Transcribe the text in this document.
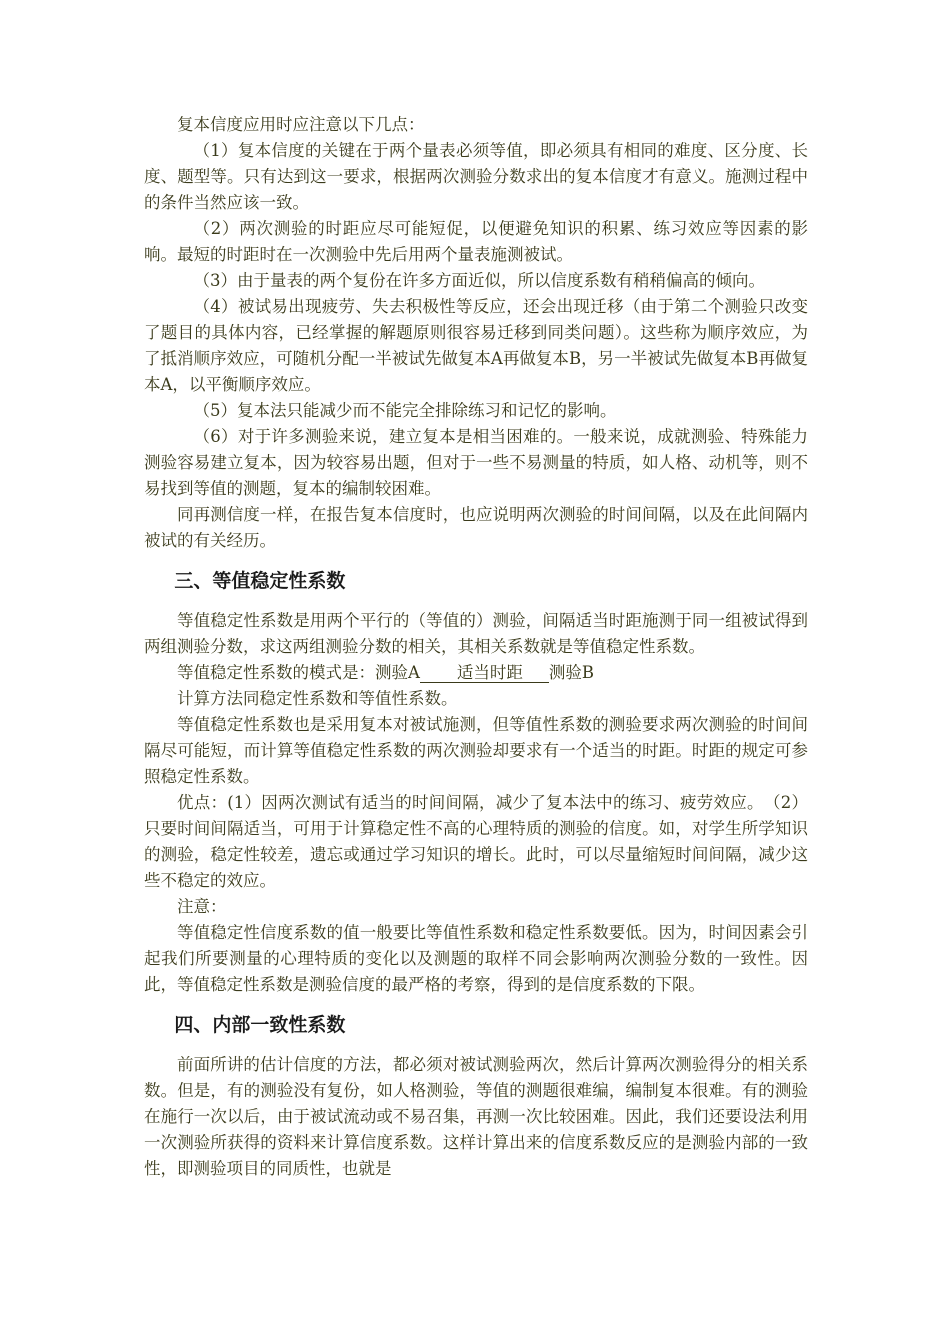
复本信度应用时应注意以下几点：

（1）复本信度的关键在于两个量表必须等值，即必须具有相同的难度、区分度、长度、题型等。只有达到这一要求，根据两次测验分数求出的复本信度才有意义。施测过程中的条件当然应该一致。

（2）两次测验的时距应尽可能短促，以便避免知识的积累、练习效应等因素的影响。最短的时距时在一次测验中先后用两个量表施测被试。

（3）由于量表的两个复份在许多方面近似，所以信度系数有稍稍偏高的倾向。

（4）被试易出现疲劳、失去积极性等反应，还会出现迁移（由于第二个测验只改变了题目的具体内容，已经掌握的解题原则很容易迁移到同类问题）。这些称为顺序效应，为了抵消顺序效应，可随机分配一半被试先做复本A再做复本B，另一半被试先做复本B再做复本A，以平衡顺序效应。

（5）复本法只能减少而不能完全排除练习和记忆的影响。

（6）对于许多测验来说，建立复本是相当困难的。一般来说，成就测验、特殊能力测验容易建立复本，因为较容易出题，但对于一些不易测量的特质，如人格、动机等，则不易找到等值的测题，复本的编制较困难。

同再测信度一样，在报告复本信度时，也应说明两次测验的时间间隔，以及在此间隔内被试的有关经历。

三、等值稳定性系数

等值稳定性系数是用两个平行的（等值的）测验，间隔适当时距施测于同一组被试得到两组测验分数，求这两组测验分数的相关，其相关系数就是等值稳定性系数。

等值稳定性系数的模式是：测验A 适当时距 测验B

计算方法同稳定性系数和等值性系数。

等值稳定性系数也是采用复本对被试施测，但等值性系数的测验要求两次测验的时间间隔尽可能短，而计算等值稳定性系数的两次测验却要求有一个适当的时距。时距的规定可参照稳定性系数。

优点：(1）因两次测试有适当的时间间隔，减少了复本法中的练习、疲劳效应。　（2）只要时间间隔适当，可用于计算稳定性不高的心理特质的测验的信度。如，对学生所学知识的测验，稳定性较差，遗忘或通过学习知识的增长。此时，可以尽量缩短时间间隔，减少这些不稳定的效应。

注意：

等值稳定性信度系数的值一般要比等值性系数和稳定性系数要低。因为，时间因素会引起我们所要测量的心理特质的变化以及测题的取样不同会影响两次测验分数的一致性。因此，等值稳定性系数是测验信度的最严格的考察，得到的是信度系数的下限。

四、内部一致性系数

前面所讲的估计信度的方法，都必须对被试测验两次，然后计算两次测验得分的相关系数。但是，有的测验没有复份，如人格测验，等值的测题很难编，编制复本很难。有的测验在施行一次以后，由于被试流动或不易召集，再测一次比较困难。因此，我们还要设法利用一次测验所获得的资料来计算信度系数。这样计算出来的信度系数反应的是测验内部的一致性，即测验项目的同质性，也就是
